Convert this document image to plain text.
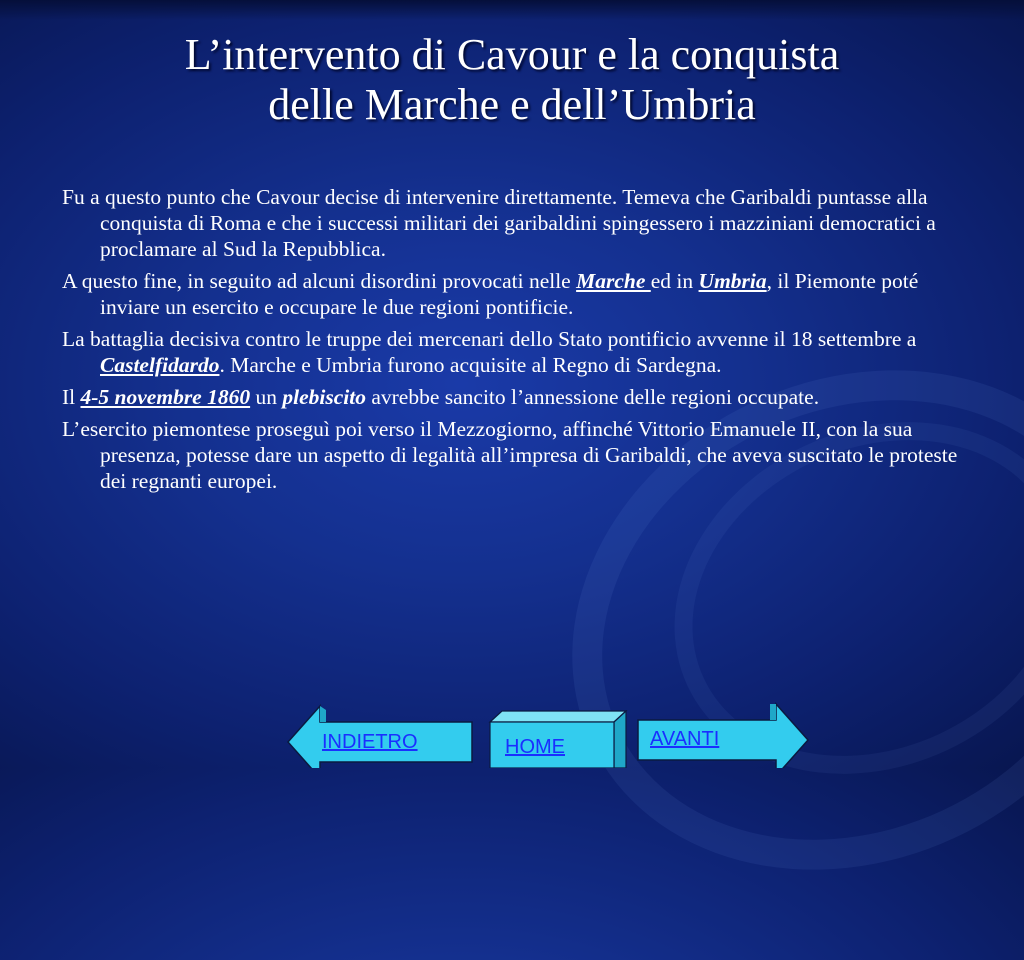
L’intervento di Cavour e la conquista
delle Marche e dell’Umbria

Fu a questo punto che Cavour decise di intervenire direttamente. Temeva che Garibaldi puntasse alla conquista di Roma e che i successi militari dei garibaldini spingessero i mazziniani democratici a proclamare al Sud la Repubblica.

A questo fine, in seguito ad alcuni disordini provocati nelle Marche ed in Umbria, il Piemonte poté inviare un esercito e occupare le due regioni pontificie.

La battaglia decisiva contro le truppe dei mercenari dello Stato pontificio avvenne il 18 settembre a Castelfidardo. Marche e Umbria furono acquisite al Regno di Sardegna.

Il 4-5 novembre 1860 un plebiscito avrebbe sancito l’annessione delle regioni occupate.

L’esercito piemontese proseguì poi verso il Mezzogiorno, affinché Vittorio Emanuele II, con la sua presenza, potesse dare un aspetto di legalità all’impresa di Garibaldi, che aveva suscitato le proteste dei regnanti europei.

INDIETRO	HOME	AVANTI
